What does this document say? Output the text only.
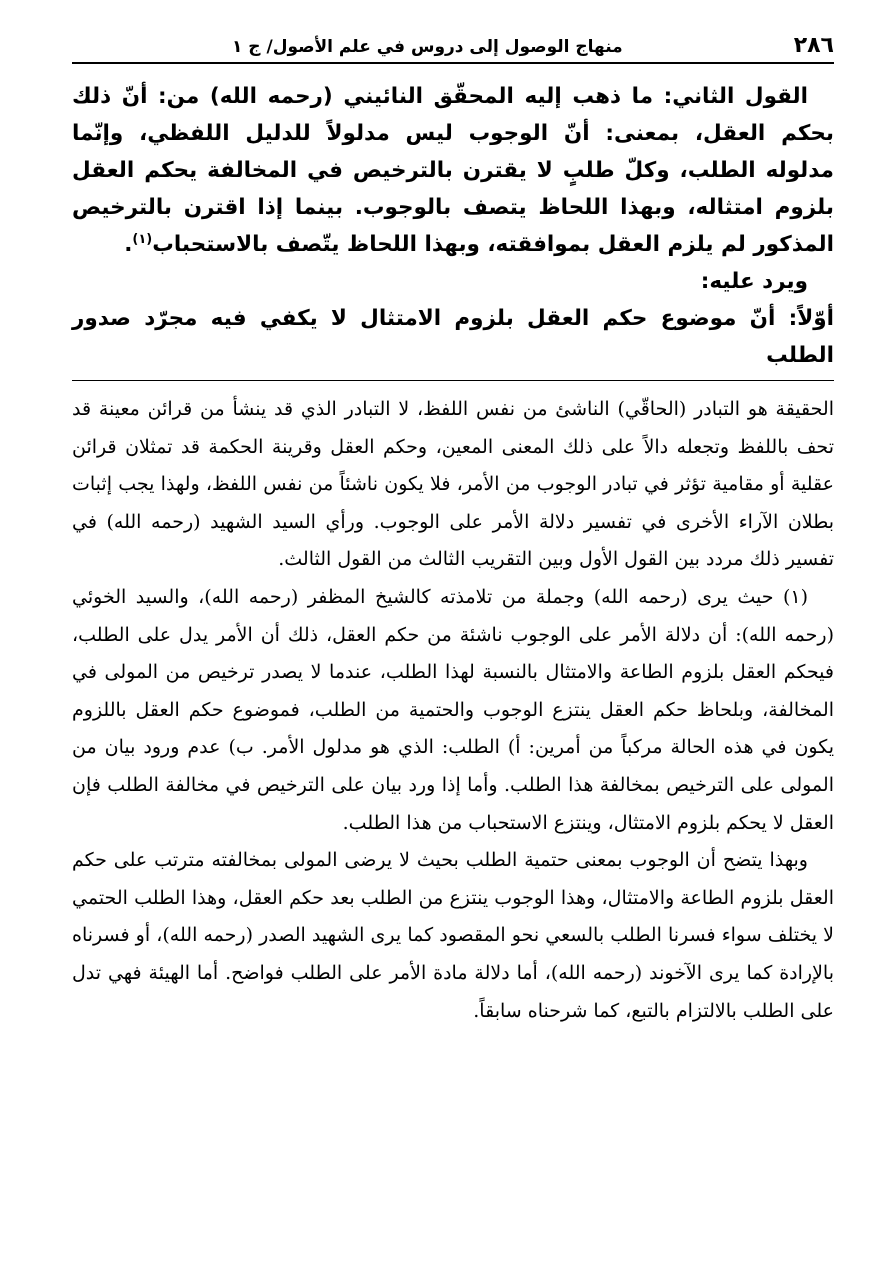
٢٨٦
منهاج الوصول إلى دروس في علم الأصول/ ج ١

القول الثاني: ما ذهب إليه المحقّق النائيني (رحمه الله) من: أنّ ذلك بحكم العقل، بمعنى: أنّ الوجوب ليس مدلولاً للدليل اللفظي، وإنّما مدلوله الطلب، وكلّ طلبٍ لا يقترن بالترخيص في المخالفة يحكم العقل بلزوم امتثاله، وبهذا اللحاظ يتصف بالوجوب. بينما إذا اقترن بالترخيص المذكور لم يلزم العقل بموافقته، وبهذا اللحاظ يتّصف بالاستحباب$^{(١)}$.

ويرد عليه:

أوّلاً: أنّ موضوع حكم العقل بلزوم الامتثال لا يكفي فيه مجرّد صدور الطلب

الحقيقة هو التبادر (الحاقّي) الناشئ من نفس اللفظ، لا التبادر الذي قد ينشأ من قرائن معينة قد تحف باللفظ وتجعله دالاً على ذلك المعنى المعين، وحكم العقل وقرينة الحكمة قد تمثلان قرائن عقلية أو مقامية تؤثر في تبادر الوجوب من الأمر، فلا يكون ناشئاً من نفس اللفظ، ولهذا يجب إثبات بطلان الآراء الأخرى في تفسير دلالة الأمر على الوجوب. ورأي السيد الشهيد (رحمه الله) في تفسير ذلك مردد بين القول الأول وبين التقريب الثالث من القول الثالث.

(١) حيث يرى (رحمه الله) وجملة من تلامذته كالشيخ المظفر (رحمه الله)، والسيد الخوئي (رحمه الله): أن دلالة الأمر على الوجوب ناشئة من حكم العقل، ذلك أن الأمر يدل على الطلب، فيحكم العقل بلزوم الطاعة والامتثال بالنسبة لهذا الطلب، عندما لا يصدر ترخيص من المولى في المخالفة، وبلحاظ حكم العقل ينتزع الوجوب والحتمية من الطلب، فموضوع حكم العقل باللزوم يكون في هذه الحالة مركباً من أمرين: أ) الطلب: الذي هو مدلول الأمر. ب) عدم ورود بيان من المولى على الترخيص بمخالفة هذا الطلب. وأما إذا ورد بيان على الترخيص في مخالفة الطلب فإن العقل لا يحكم بلزوم الامتثال، وينتزع الاستحباب من هذا الطلب.

وبهذا يتضح أن الوجوب بمعنى حتمية الطلب بحيث لا يرضى المولى بمخالفته مترتب على حكم العقل بلزوم الطاعة والامتثال، وهذا الوجوب ينتزع من الطلب بعد حكم العقل، وهذا الطلب الحتمي لا يختلف سواء فسرنا الطلب بالسعي نحو المقصود كما يرى الشهيد الصدر (رحمه الله)، أو فسرناه بالإرادة كما يرى الآخوند (رحمه الله)، أما دلالة مادة الأمر على الطلب فواضح. أما الهيئة فهي تدل على الطلب بالالتزام بالتبع، كما شرحناه سابقاً.
